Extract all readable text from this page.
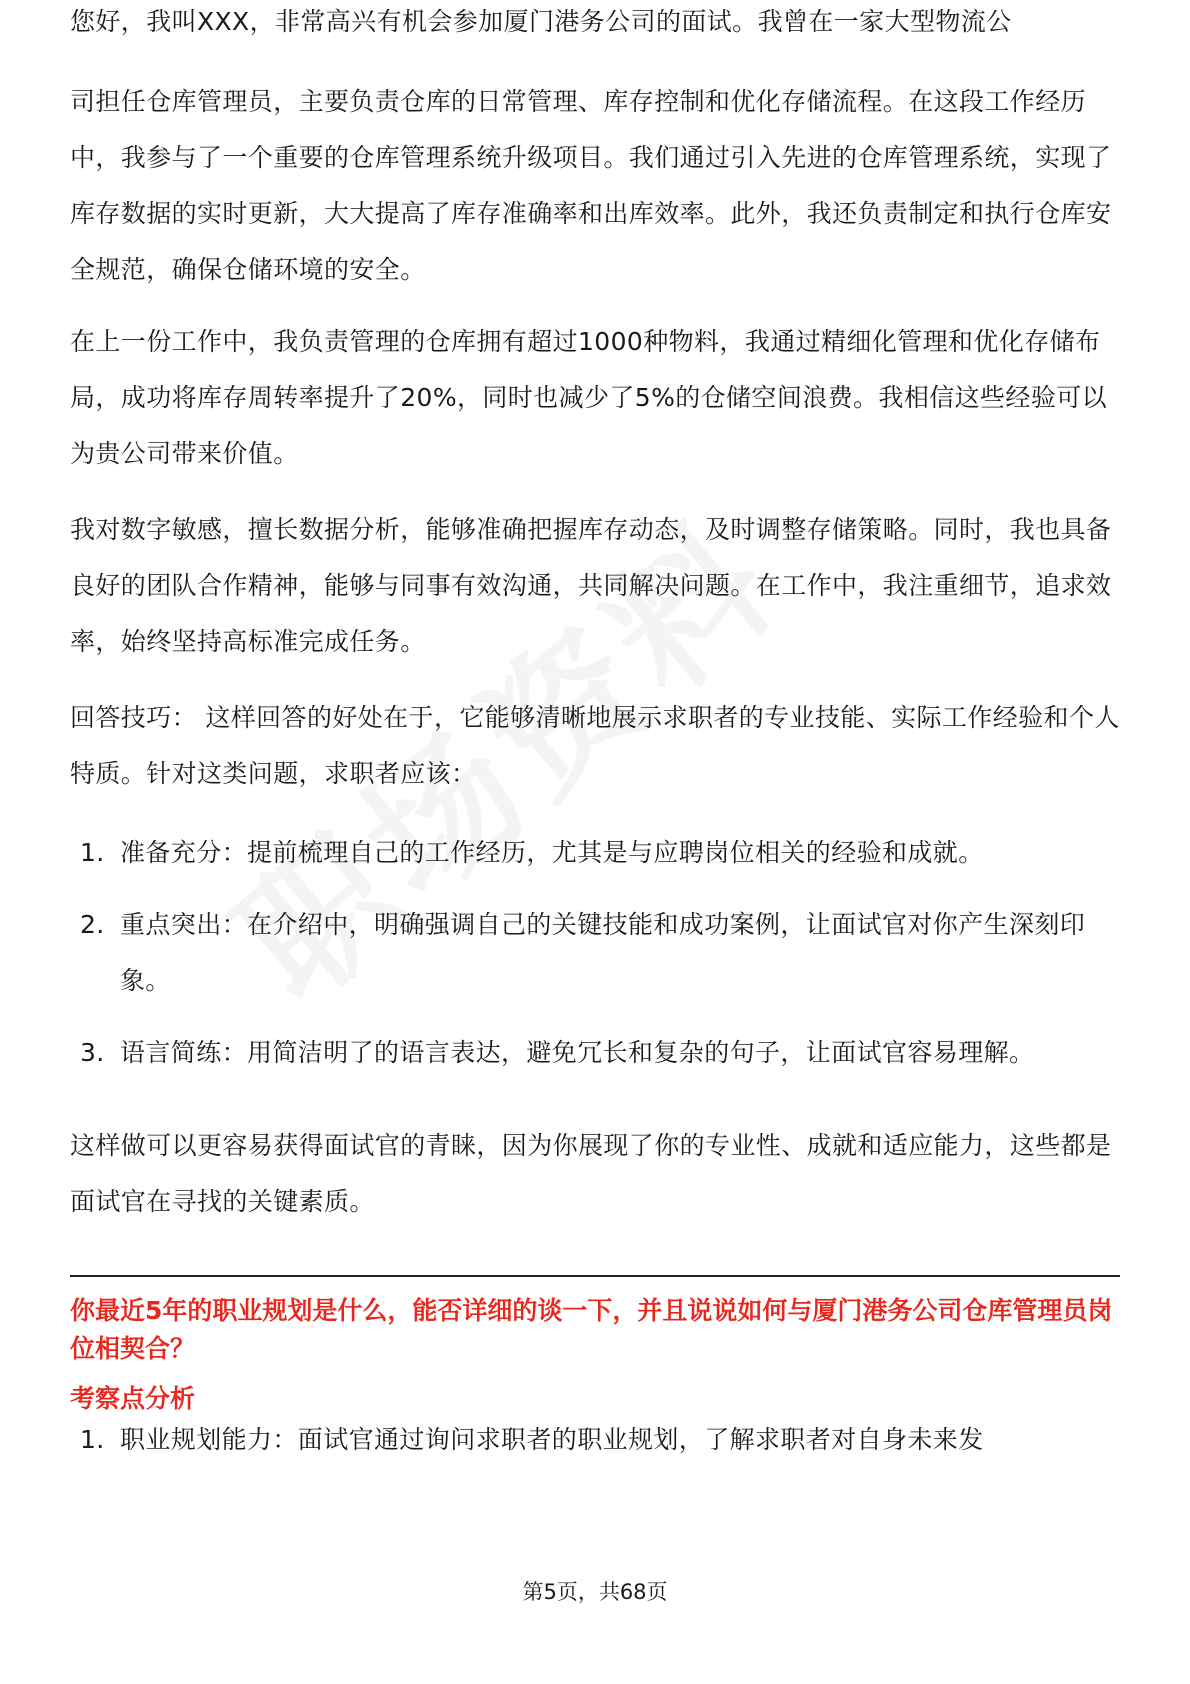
您好，我叫XXX，非常高兴有机会参加厦门港务公司的面试。我曾在一家大型物流公

司担任仓库管理员，主要负责仓库的日常管理、库存控制和优化存储流程。在这段工作经历中，我参与了一个重要的仓库管理系统升级项目。我们通过引入先进的仓库管理系统，实现了库存数据的实时更新，大大提高了库存准确率和出库效率。此外，我还负责制定和执行仓库安全规范，确保仓储环境的安全。

在上一份工作中，我负责管理的仓库拥有超过1000种物料，我通过精细化管理和优化存储布局，成功将库存周转率提升了20%，同时也减少了5%的仓储空间浪费。我相信这些经验可以为贵公司带来价值。

我对数字敏感，擅长数据分析，能够准确把握库存动态，及时调整存储策略。同时，我也具备良好的团队合作精神，能够与同事有效沟通，共同解决问题。在工作中，我注重细节，追求效率，始终坚持高标准完成任务。

回答技巧： 这样回答的好处在于，它能够清晰地展示求职者的专业技能、实际工作经验和个人特质。针对这类问题，求职者应该：

1. 准备充分：提前梳理自己的工作经历，尤其是与应聘岗位相关的经验和成就。
2. 重点突出：在介绍中，明确强调自己的关键技能和成功案例，让面试官对你产生深刻印象。
3. 语言简练：用简洁明了的语言表达，避免冗长和复杂的句子，让面试官容易理解。

这样做可以更容易获得面试官的青睐，因为你展现了你的专业性、成就和适应能力，这些都是面试官在寻找的关键素质。

你最近5年的职业规划是什么，能否详细的谈一下，并且说说如何与厦门港务公司仓库管理员岗位相契合？

考察点分析

1. 职业规划能力：面试官通过询问求职者的职业规划，了解求职者对自身未来发
第5页，共68页
